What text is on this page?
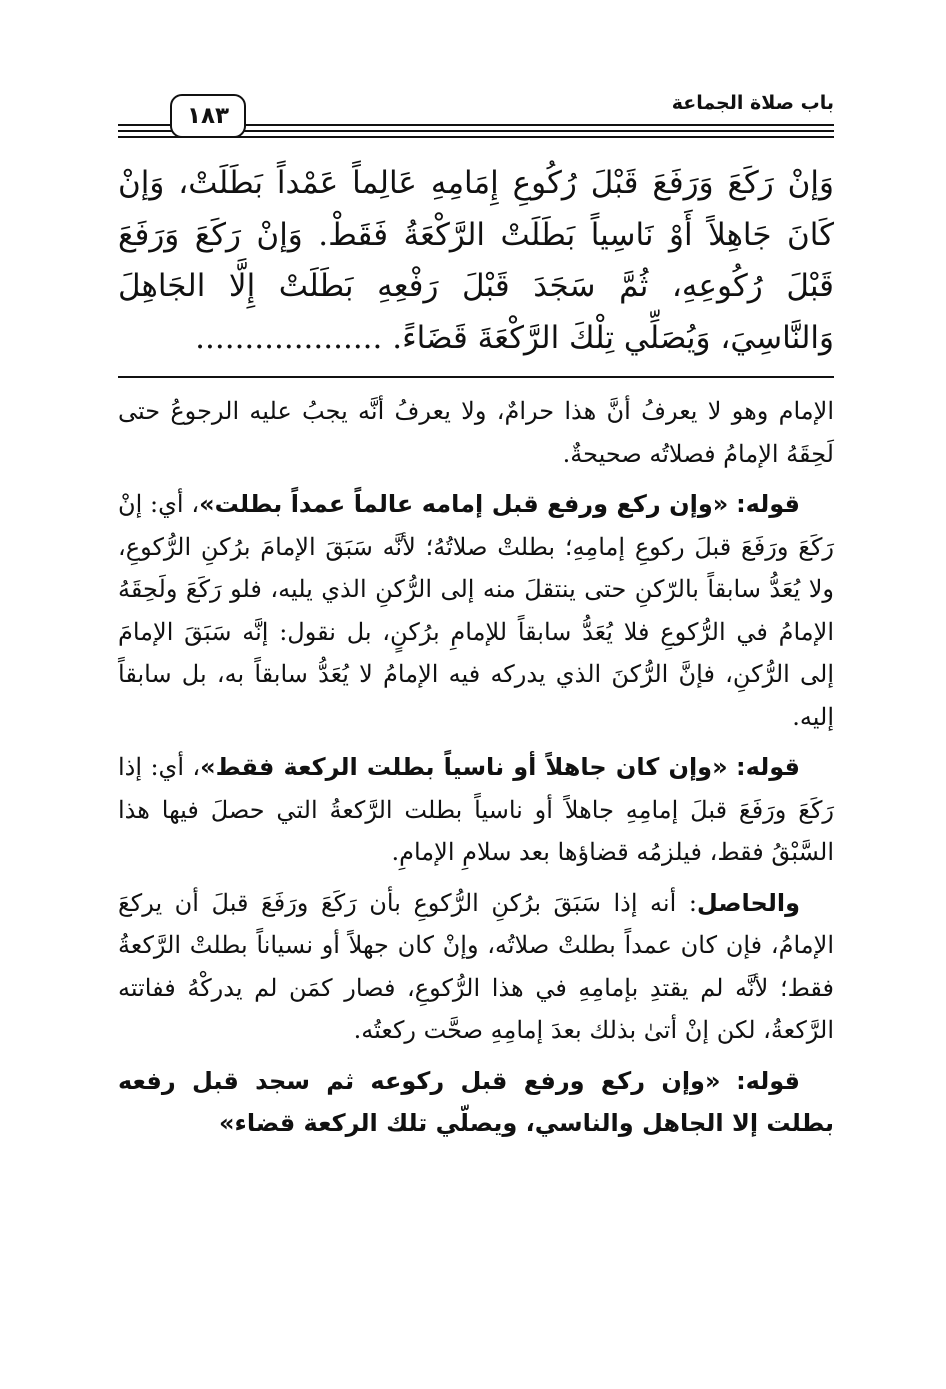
باب صلاة الجماعة
١٨٣

وَإنْ رَكَعَ وَرَفَعَ قَبْلَ رُكُوعِ إِمَامِهِ عَالِماً عَمْداً بَطَلَتْ، وَإنْ كَانَ جَاهِلاً أَوْ نَاسِياً بَطَلَتْ الرَّكْعَةُ فَقَطْ. وَإنْ رَكَعَ وَرَفَعَ قَبْلَ رُكُوعِهِ، ثُمَّ سَجَدَ قَبْلَ رَفْعِهِ بَطَلَتْ إِلَّا الجَاهِلَ وَالنَّاسِيَ، وَيُصَلِّي تِلْكَ الرَّكْعَةَ قَضَاءً. ...................

الإمام وهو لا يعرفُ أنَّ هذا حرامٌ، ولا يعرفُ أنَّه يجبُ عليه الرجوعُ حتى لَحِقَهُ الإمامُ فصلاتُه صحيحةٌ.

قوله: «وإن ركع ورفع قبل إمامه عالماً عمداً بطلت»، أي: إنْ رَكَعَ ورَفَعَ قبلَ ركوعِ إمامِهِ؛ بطلتْ صلاتُهُ؛ لأنَّه سَبَقَ الإمامَ برُكنِ الرُّكوعِ، ولا يُعَدُّ سابقاً بالرّكنِ حتى ينتقلَ منه إلى الرُّكنِ الذي يليه، فلو رَكَعَ ولَحِقَهُ الإمامُ في الرُّكوعِ فلا يُعَدُّ سابقاً للإمامِ برُكنٍ، بل نقول: إنَّه سَبَقَ الإمامَ إلى الرُّكنِ، فإنَّ الرُّكنَ الذي يدركه فيه الإمامُ لا يُعَدُّ سابقاً به، بل سابقاً إليه.

قوله: «وإن كان جاهلاً أو ناسياً بطلت الركعة فقط»، أي: إذا رَكَعَ ورَفَعَ قبلَ إمامِهِ جاهلاً أو ناسياً بطلت الرَّكعةُ التي حصلَ فيها هذا السَّبْقُ فقط، فيلزمُه قضاؤها بعد سلامِ الإمامِ.

والحاصل: أنه إذا سَبَقَ برُكنِ الرُّكوعِ بأن رَكَعَ ورَفَعَ قبلَ أن يركعَ الإمامُ، فإن كان عمداً بطلتْ صلاتُه، وإنْ كان جهلاً أو نسياناً بطلتْ الرَّكعةُ فقط؛ لأنَّه لم يقتدِ بإمامِهِ في هذا الرُّكوعِ، فصار كمَن لم يدركْهُ ففاتته الرَّكعةُ، لكن إنْ أتىٰ بذلك بعدَ إمامِهِ صحَّت ركعتُه.

قوله: «وإن ركع ورفع قبل ركوعه ثم سجد قبل رفعه بطلت إلا الجاهل والناسي، ويصلّي تلك الركعة قضاء»
